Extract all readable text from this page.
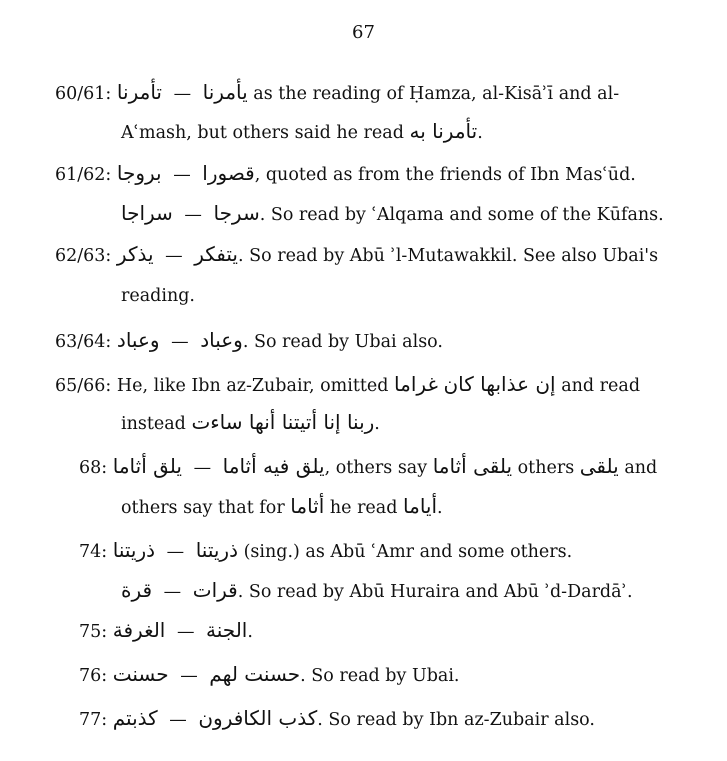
67
60/61: تأمرنا — يأمرنا as the reading of Ḥamza, al-Kisāʾī and al-
Aʿmash, but others said he read تأمرنا به.
61/62: بروجا — قصورا, quoted as from the friends of Ibn Masʿūd.
سراجا — سرجا. So read by ʿAlqama and some of the Kūfans.
62/63: يذكر — يتفكر. So read by Abū ʾl-Mutawakkil. See also Ubai's
reading.
63/64: وعباد — وعباد. So read by Ubai also.
65/66: He, like Ibn az-Zubair, omitted غراما إن عذابها كان and read
instead ربنا إنا أتيتنا أنها ساءت.
68: يلق أثاما — يلق فيه أثاما, others say يلقى أثاما others يلقى and
others say that for أثاما he read أياما.
74: ذريتنا — ذريتنا (sing.) as Abū ʿAmr and some others.
قرة — قرات. So read by Abū Huraira and Abū ʾd-Dardāʾ.
75: الغرفة — الجنة.
76: حسنت — حسنت لهم. So read by Ubai.
77: كذبتم — كذب الكافرون. So read by Ibn az-Zubair also.
